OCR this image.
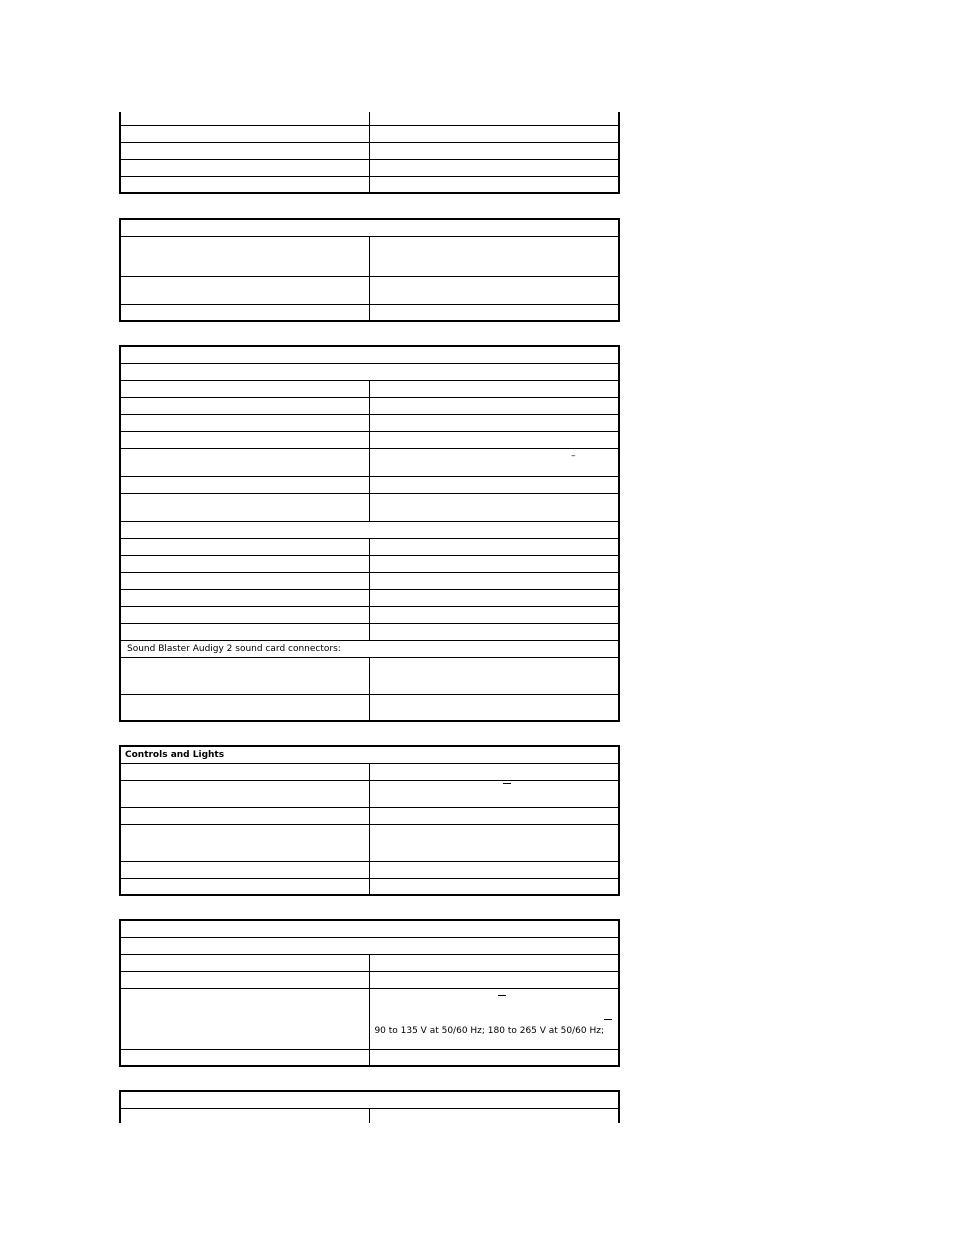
Sound Blaster Audigy 2 sound card connectors:	

Controls and Lights	

	90 to 135 V at 50/60 Hz; 180 to 265 V at 50/60 Hz;

–
